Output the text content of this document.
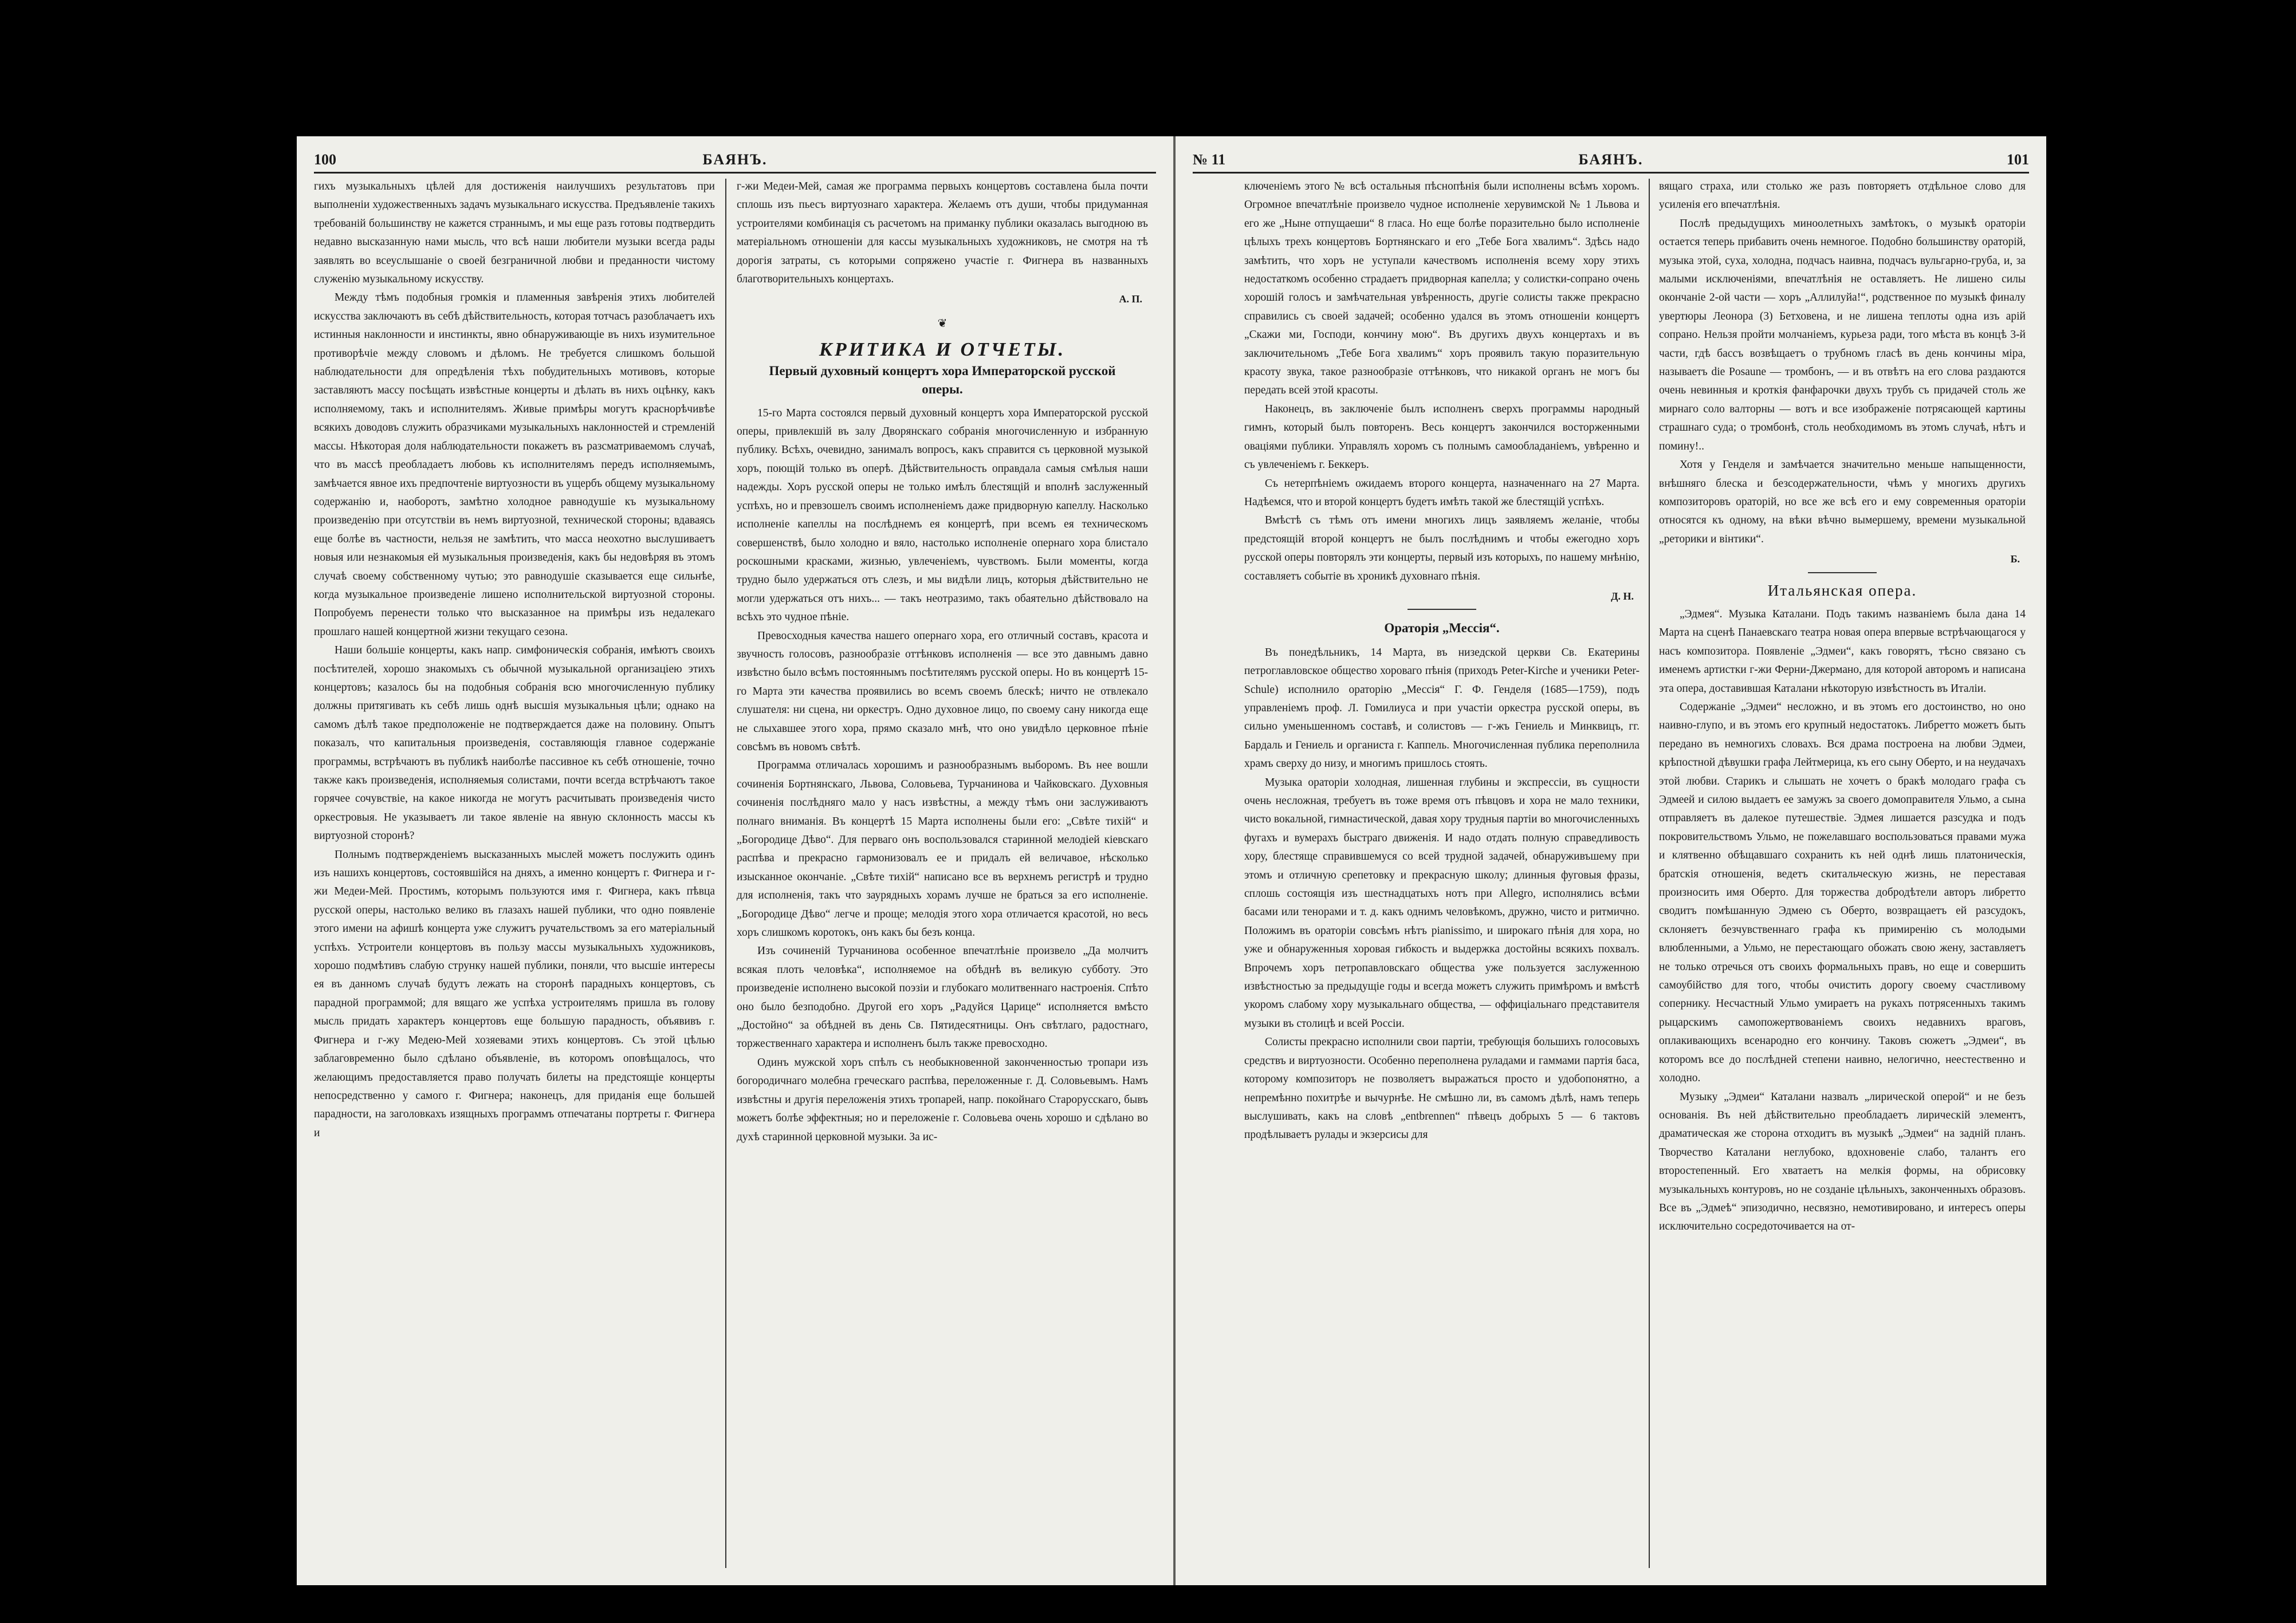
100	БАЯНЪ.

гихъ музыкальныхъ цѣлей для достиженія наилучшихъ результатовъ при выполненіи художественныхъ задачъ музыкальнаго искусства. Предъявленіе такихъ требованій большинству не кажется страннымъ, и мы еще разъ готовы подтвердить недавно высказанную нами мысль, что всѣ наши любители музыки всегда рады заявлять во всеуслышаніе о своей безграничной любви и преданности чистому служенію музыкальному искусству.

Между тѣмъ подобныя громкія и пламенныя завѣренія этихъ любителей искусства заключаютъ въ себѣ дѣйствительность, которая тотчасъ разоблачаетъ ихъ истинныя наклонности и инстинкты, явно обнаруживающіе въ нихъ изумительное противорѣчіе между словомъ и дѣломъ. Не требуется слишкомъ большой наблюдательности для опредѣленія тѣхъ побудительныхъ мотивовъ, которые заставляютъ массу посѣщать извѣстные концерты и дѣлать въ нихъ оцѣнку, какъ исполняемому, такъ и исполнителямъ. Живые примѣры могутъ краснорѣчивѣе всякихъ доводовъ служить образчиками музыкальныхъ наклонностей и стремленій массы. Нѣкоторая доля наблюдательности покажетъ въ разсматриваемомъ случаѣ, что въ массѣ преобладаетъ любовь къ исполнителямъ передъ исполняемымъ, замѣчается явное ихъ предпочтеніе виртуозности въ ущербъ общему музыкальному содержанію и, наоборотъ, замѣтно холодное равнодушіе къ музыкальному произведенію при отсутствіи въ немъ виртуозной, технической стороны; вдаваясь еще болѣе въ частности, нельзя не замѣтить, что масса неохотно выслушиваетъ новыя или незнакомыя ей музыкальныя произведенія, какъ бы недовѣряя въ этомъ случаѣ своему собственному чутью; это равнодушіе сказывается еще сильнѣе, когда музыкальное произведеніе лишено исполнительской виртуозной стороны. Попробуемъ перенести только что высказанное на примѣры изъ недалекаго прошлаго нашей концертной жизни текущаго сезона.

Наши большіе концерты, какъ напр. симфоническія собранія, имѣютъ своихъ посѣтителей, хорошо знакомыхъ съ обычной музыкальной организаціею этихъ концертовъ; казалось бы на подобныя собранія всю многочисленную публику должны притягивать къ себѣ лишь однѣ высшія музыкальныя цѣли; однако на самомъ дѣлѣ такое предположеніе не подтверждается даже на половину. Опытъ показалъ, что капитальныя произведенія, составляющія главное содержаніе программы, встрѣчаютъ въ публикѣ наиболѣе пассивное къ себѣ отношеніе, точно также какъ произведенія, исполняемыя солистами, почти всегда встрѣчаютъ такое горячее сочувствіе, на какое никогда не могутъ расчитывать произведенія чисто оркестровыя. Не указываетъ ли такое явленіе на явную склонность массы къ виртуозной сторонѣ?

Полнымъ подтвержденіемъ высказанныхъ мыслей можетъ послужить одинъ изъ нашихъ концертовъ, состоявшійся на дняхъ, а именно концертъ г. Фигнера и г-жи Медеи-Мей. Простимъ, которымъ пользуются имя г. Фигнера, какъ пѣвца русской оперы, настолько велико въ глазахъ нашей публики, что одно появленіе этого имени на афишѣ концерта уже служитъ ручательствомъ за его матеріальный успѣхъ. Устроители концертовъ въ пользу массы музыкальныхъ художниковъ, хорошо подмѣтивъ слабую струнку нашей публики, поняли, что высшіе интересы ея въ данномъ случаѣ будутъ лежать на сторонѣ парадныхъ концертовъ, съ парадной программой; для вящаго же успѣха устроителямъ пришла въ голову мысль придать характеръ концертовъ еще большую парадность, объявивъ г. Фигнера и г-жу Медею-Мей хозяевами этихъ концертовъ. Съ этой цѣлью заблаговременно было сдѣлано объявленіе, въ которомъ оповѣщалось, что желающимъ предоставляется право получать билеты на предстоящіе концерты непосредственно у самого г. Фигнера; наконецъ, для приданія еще большей парадности, на заголовкахъ изящныхъ программъ отпечатаны портреты г. Фигнера и

г-жи Медеи-Мей, самая же программа первыхъ концертовъ составлена была почти сплошь изъ пьесъ виртуознаго характера. Желаемъ отъ души, чтобы придуманная устроителями комбинація съ расчетомъ на приманку публики оказалась выгодною въ матеріальномъ отношеніи для кассы музыкальныхъ художниковъ, не смотря на тѣ дорогія затраты, съ которыми сопряжено участіе г. Фигнера въ названныхъ благотворительныхъ концертахъ.

А. П.
❦
КРИТИКА И ОТЧЕТЫ.
Первый духовный концертъ хора Императорской русской оперы.

15-го Марта состоялся первый духовный концертъ хора Императорской русской оперы, привлекшій въ залу Дворянскаго собранія многочисленную и избранную публику. Всѣхъ, очевидно, занималъ вопросъ, какъ справится съ церковной музыкой хоръ, поющій только въ оперѣ. Дѣйствительность оправдала самыя смѣлыя наши надежды. Хоръ русской оперы не только имѣлъ блестящій и вполнѣ заслуженный успѣхъ, но и превзошелъ своимъ исполненіемъ даже придворную капеллу. Насколько исполненіе капеллы на послѣднемъ ея концертѣ, при всемъ ея техническомъ совершенствѣ, было холодно и вяло, настолько исполненіе опернаго хора блистало роскошными красками, жизнью, увлеченіемъ, чувствомъ. Были моменты, когда трудно было удержаться отъ слезъ, и мы видѣли лицъ, которыя дѣйствительно не могли удержаться отъ нихъ... — такъ неотразимо, такъ обаятельно дѣйствовало на всѣхъ это чудное пѣніе.

Превосходныя качества нашего опернаго хора, его отличный составъ, красота и звучность голосовъ, разнообразіе оттѣнковъ исполненія — все это давнымъ давно извѣстно было всѣмъ постояннымъ посѣтителямъ русской оперы. Но въ концертѣ 15-го Марта эти качества проявились во всемъ своемъ блескѣ; ничто не отвлекало слушателя: ни сцена, ни оркестръ. Одно духовное лицо, по своему сану никогда еще не слыхавшее этого хора, прямо сказало мнѣ, что оно увидѣло церковное пѣніе совсѣмъ въ новомъ свѣтѣ.

Программа отличалась хорошимъ и разнообразнымъ выборомъ. Въ нее вошли сочиненія Бортнянскаго, Львова, Соловьева, Турчанинова и Чайковскаго. Духовныя сочиненія послѣдняго мало у насъ извѣстны, а между тѣмъ они заслуживаютъ полнаго вниманія. Въ концертѣ 15 Марта исполнены были его: „Свѣте тихій“ и „Богородице Дѣво“. Для перваго онъ воспользовался старинной мелодіей кіевскаго распѣва и прекрасно гармонизовалъ ее и придалъ ей величавое, нѣсколько изысканное окончаніе. „Свѣте тихій“ написано все въ верхнемъ регистрѣ и трудно для исполненія, такъ что заурядныхъ хорамъ лучше не браться за его исполненіе. „Богородице Дѣво“ легче и проще; мелодія этого хора отличается красотой, но весь хоръ слишкомъ коротокъ, онъ какъ бы безъ конца.

Изъ сочиненій Турчанинова особенное впечатлѣніе произвело „Да молчитъ всякая плоть человѣка“, исполняемое на обѣднѣ въ великую субботу. Это произведеніе исполнено высокой поэзіи и глубокаго молитвеннаго настроенія. Спѣто оно было безподобно. Другой его хоръ „Радуйся Царице“ исполняется вмѣсто „Достойно“ за обѣдней въ день Св. Пятидесятницы. Онъ свѣтлаго, радостнаго, торжественнаго характера и исполненъ былъ также превосходно.

Одинъ мужской хоръ спѣлъ съ необыкновенной законченностью тропари изъ богородичнаго молебна греческаго распѣва, переложенные г. Д. Соловьевымъ. Намъ извѣстны и другія переложенія этихъ тропарей, напр. покойнаго Старорусскаго, бывъ можетъ болѣе эффектныя; но и переложеніе г. Соловьева очень хорошо и сдѣлано во духѣ старинной церковной музыки. За ис-

№ 11	БАЯНЪ.	101

ключеніемъ этого № всѣ остальныя пѣснопѣнія были исполнены всѣмъ хоромъ. Огромное впечатлѣніе произвело чудное исполненіе херувимской № 1 Львова и его же „Ныне отпущаеши“ 8 гласа. Но еще болѣе поразительно было исполненіе цѣлыхъ трехъ концертовъ Бортнянскаго и его „Тебе Бога хвалимъ“. Здѣсь надо замѣтить, что хоръ не уступали качествомъ исполненія всему хору этихъ недостаткомъ особенно страдаетъ придворная капелла; у солистки-сопрано очень хорошій голосъ и замѣчательная увѣренность, другіе солисты также прекрасно справились съ своей задачей; особенно удался въ этомъ отношеніи концертъ „Скажи ми, Господи, кончину мою“. Въ другихъ двухъ концертахъ и въ заключительномъ „Тебе Бога хвалимъ“ хоръ проявилъ такую поразительную красоту звука, такое разнообразіе оттѣнковъ, что никакой органъ не могъ бы передать всей этой красоты.

Наконецъ, въ заключеніе былъ исполненъ сверхъ программы народный гимнъ, который былъ повторенъ. Весь концертъ закончился восторженными оваціями публики. Управлялъ хоромъ съ полнымъ самообладаніемъ, увѣренно и съ увлеченіемъ г. Беккеръ.

Съ нетерпѣніемъ ожидаемъ второго концерта, назначеннаго на 27 Марта. Надѣемся, что и второй концертъ будетъ имѣть такой же блестящій успѣхъ.

Вмѣстѣ съ тѣмъ отъ имени многихъ лицъ заявляемъ желаніе, чтобы предстоящій второй концертъ не былъ послѣднимъ и чтобы ежегодно хоръ русской оперы повторялъ эти концерты, первый изъ которыхъ, по нашему мнѣнію, составляетъ событіе въ хроникѣ духовнаго пѣнія.

Д. Н.
Ораторія „Мессія“.

Въ понедѣльникъ, 14 Марта, въ низедской церкви Св. Екатерины петроглавловское общество хороваго пѣнія (приходъ Peter-Kirche и ученики Peter-Schule) исполнило ораторію „Мессія“ Г. Ф. Генделя (1685—1759), подъ управленіемъ проф. Л. Гомилиуса и при участіи оркестра русской оперы, въ сильно уменьшенномъ составѣ, и солистовъ — г-жъ Гениель и Минквицъ, гг. Бардаль и Гениель и органиста г. Каппель. Многочисленная публика переполнила храмъ сверху до низу, и многимъ пришлось стоять.

Музыка ораторіи холодная, лишенная глубины и экспрессіи, въ сущности очень несложная, требуетъ въ тоже время отъ пѣвцовъ и хора не мало техники, чисто вокальной, гимнастической, давая хору трудныя партіи во многочисленныхъ фугахъ и вумерахъ быстраго движенія. И надо отдать полную справедливость хору, блестяще справившемуся со всей трудной задачей, обнаруживъшему при этомъ и отличную срепетовку и прекрасную школу; длинныя фуговыя фразы, сплошь состоящія изъ шестнадцатыхъ нотъ при Allegro, исполнялись всѣми басами или тенорами и т. д. какъ однимъ человѣкомъ, дружно, чисто и ритмично. Положимъ въ ораторіи совсѣмъ нѣтъ pianissimo, и широкаго пѣнія для хора, но уже и обнаруженныя хоровая гибкость и выдержка достойны всякихъ похвалъ. Впрочемъ хоръ петропавловскаго общества уже пользуется заслуженною извѣстностью за предыдущіе годы и всегда можетъ служить примѣромъ и вмѣстѣ укоромъ слабому хору музыкальнаго общества, — оффиціальнаго представителя музыки въ столицѣ и всей Россіи.

Солисты прекрасно исполнили свои партіи, требующія большихъ голосовыхъ средствъ и виртуозности. Особенно переполнена руладами и гаммами партія баса, которому композиторъ не позволяетъ выражаться просто и удобопонятно, а непремѣнно похитрѣе и вычурнѣе. Не смѣшно ли, въ самомъ дѣлѣ, намъ теперь выслушивать, какъ на словѣ „entbrennen“ пѣвецъ добрыхъ 5 — 6 тактовъ продѣлываетъ рулады и экзерсисы для

вящаго страха, или столько же разъ повторяетъ отдѣльное слово для усиленія его впечатлѣнія.

Послѣ предыдущихъ миноолетныхъ замѣтокъ, о музыкѣ ораторіи остается теперь прибавить очень немногое. Подобно большинству ораторій, музыка этой, суха, холодна, подчасъ наивна, подчасъ вульгарно-груба, и, за малыми исключеніями, впечатлѣнія не оставляетъ. Не лишено силы окончаніе 2-ой части — хоръ „Аллилуйа!“, родственное по музыкѣ финалу увертюры Леонора (3) Бетховена, и не лишена теплоты одна изъ арій сопрано. Нельзя пройти молчаніемъ, курьеза ради, того мѣста въ концѣ 3-й части, гдѣ бассъ возвѣщаетъ о трубномъ гласѣ въ день кончины міра, называетъ die Posaune — тромбонъ, — и въ отвѣтъ на его слова раздаются очень невинныя и кроткія фанфарочки двухъ трубъ съ придачей столь же мирнаго соло валторны — вотъ и все изображеніе потрясающей картины страшнаго суда; о тромбонѣ, столь необходимомъ въ этомъ случаѣ, нѣтъ и помину!..

Хотя у Генделя и замѣчается значительно меньше напыщенности, внѣшняго блеска и безсодержательности, чѣмъ у многихъ другихъ композиторовъ ораторій, но все же всѣ его и ему современныя ораторіи относятся къ одному, на вѣки вѣчно вымершему, времени музыкальной „реторики и вінтики“.

Б.
Итальянская опера.

„Эдмея“. Музыка Каталани. Подъ такимъ названіемъ была дана 14 Марта на сценѣ Панаевскаго театра новая опера впервые встрѣчающагося у насъ композитора. Появленіе „Эдмеи“, какъ говорятъ, тѣсно связано съ именемъ артистки г-жи Ферни-Джермано, для которой авторомъ и написана эта опера, доставившая Каталани нѣкоторую извѣстность въ Италіи.

Содержаніе „Эдмеи“ несложно, и въ этомъ его достоинство, но оно наивно-глупо, и въ этомъ его крупный недостатокъ. Либретто можетъ быть передано въ немногихъ словахъ. Вся драма построена на любви Эдмеи, крѣпостной дѣвушки графа Лейтмерица, къ его сыну Оберто, и на неудачахъ этой любви. Старикъ и слышать не хочетъ о бракѣ молодаго графа съ Эдмеей и силою выдаетъ ее замужъ за своего домоправителя Ульмо, а сына отправляетъ въ далекое путешествіе. Эдмея лишается разсудка и подъ покровительствомъ Ульмо, не пожелавшаго воспользоваться правами мужа и клятвенно обѣщавшаго сохранить къ ней однѣ лишь платоническія, братскія отношенія, ведетъ скитальческую жизнь, не переставая произносить имя Оберто. Для торжества добродѣтели авторъ либретто сводитъ помѣшанную Эдмею съ Оберто, возвращаетъ ей разсудокъ, склоняетъ безчувственнаго графа къ примиренію съ молодыми влюбленными, а Ульмо, не перестающаго обожать свою жену, заставляетъ не только отречься отъ своихъ формальныхъ правъ, но еще и совершить самоубійство для того, чтобы очистить дорогу своему счастливому сопернику. Несчастный Ульмо умираетъ на рукахъ потрясенныхъ такимъ рыцарскимъ самопожертвованіемъ своихъ недавнихъ враговъ, оплакивающихъ всенародно его кончину. Таковъ сюжетъ „Эдмеи“, въ которомъ все до послѣдней степени наивно, нелогично, неестественно и холодно.

Музыку „Эдмеи“ Каталани назвалъ „лирической оперой“ и не безъ основанія. Въ ней дѣйствительно преобладаетъ лирическій элементъ, драматическая же сторона отходитъ въ музыкѣ „Эдмеи“ на задній планъ. Творчество Каталани неглубоко, вдохновеніе слабо, талантъ его второстепенный. Его хватаетъ на мелкія формы, на обрисовку музыкальныхъ контуровъ, но не созданіе цѣльныхъ, законченныхъ образовъ. Все въ „Эдмеѣ“ эпизодично, несвязно, немотивировано, и интересъ оперы исключительно сосредоточивается на от-
